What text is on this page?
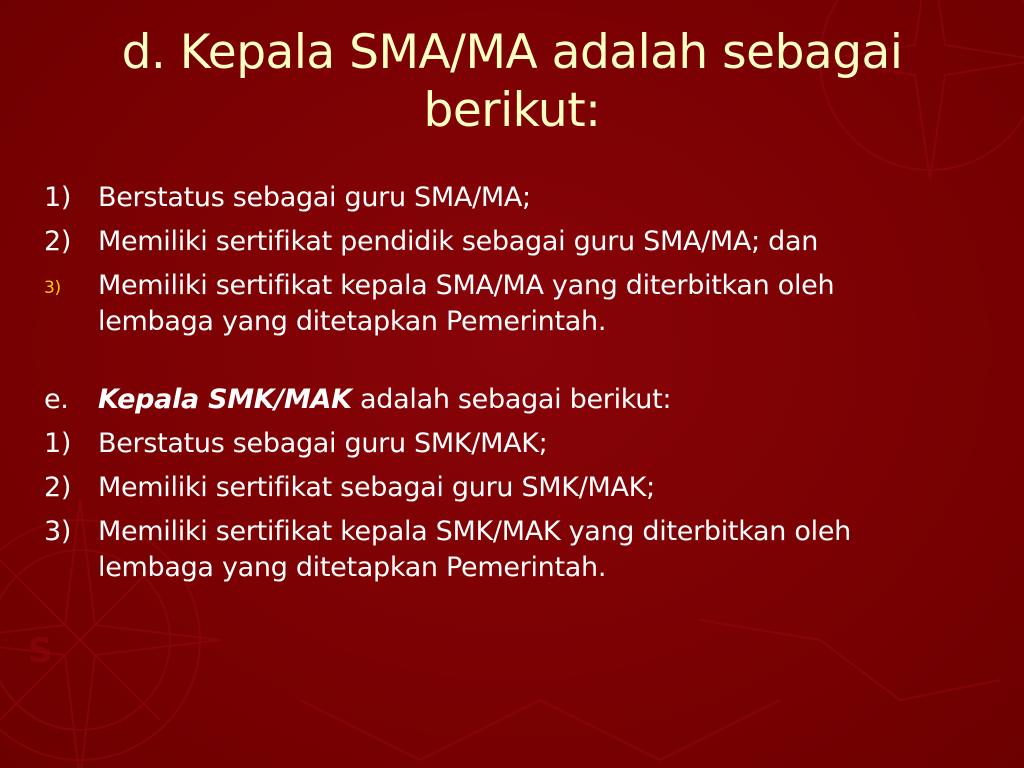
S
d. Kepala SMA/MA adalah sebagai
berikut:
1) Berstatus sebagai guru SMA/MA;
2) Memiliki sertifikat pendidik sebagai guru SMA/MA; dan
3) Memiliki sertifikat kepala SMA/MA yang diterbitkan oleh
lembaga yang ditetapkan Pemerintah.
e. Kepala SMK/MAK adalah sebagai berikut:
1) Berstatus sebagai guru SMK/MAK;
2) Memiliki sertifikat sebagai guru SMK/MAK;
3) Memiliki sertifikat kepala SMK/MAK yang diterbitkan oleh
lembaga yang ditetapkan Pemerintah.
